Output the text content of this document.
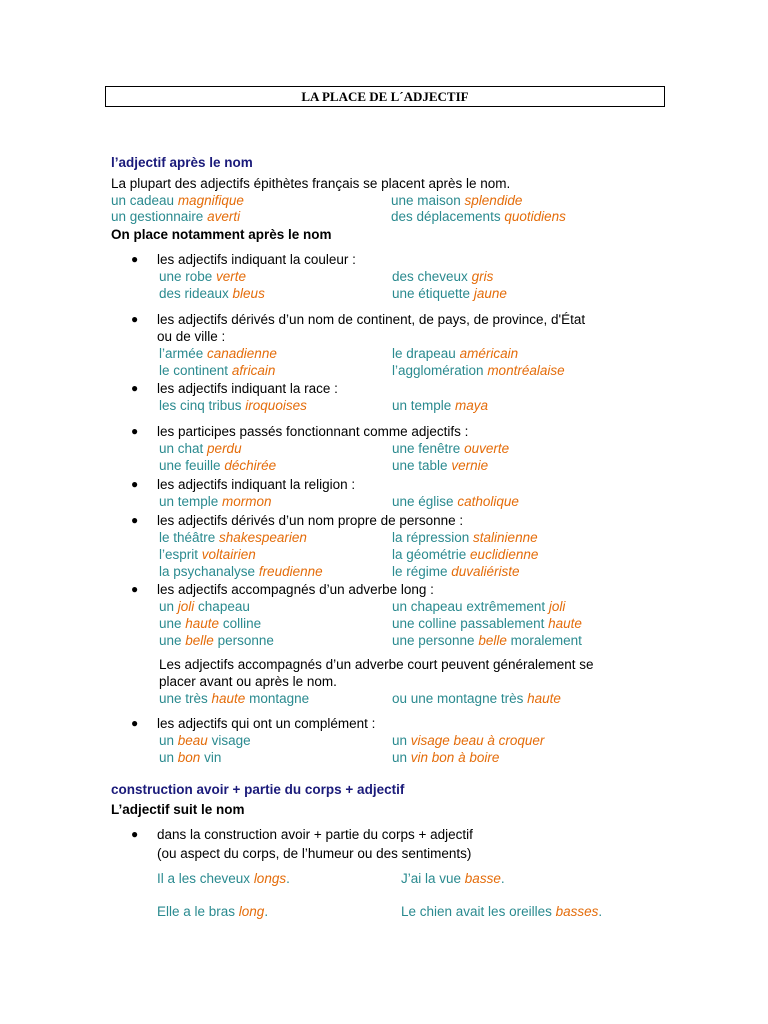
LA PLACE DE L´ADJECTIF
l’adjectif après le nom
La plupart des adjectifs épithètes français se placent après le nom.
un cadeau magnifique	une maison splendide
un gestionnaire averti	des déplacements quotidiens
On place notamment après le nom
● les adjectifs indiquant la couleur :
une robe verte	des cheveux gris
des rideaux bleus	une étiquette jaune
● les adjectifs dérivés d’un nom de continent, de pays, de province, d'État
ou de ville :
l’armée canadienne	le drapeau américain
le continent africain	l’agglomération montréalaise
● les adjectifs indiquant la race :
les cinq tribus iroquoises	un temple maya
● les participes passés fonctionnant comme adjectifs :
un chat perdu	une fenêtre ouverte
une feuille déchirée	une table vernie
● les adjectifs indiquant la religion :
un temple mormon	une église catholique
● les adjectifs dérivés d’un nom propre de personne :
le théâtre shakespearien	la répression stalinienne
l’esprit voltairien	la géométrie euclidienne
la psychanalyse freudienne	le régime duvaliériste
● les adjectifs accompagnés d’un adverbe long :
un joli chapeau	un chapeau extrêmement joli
une haute colline	une colline passablement haute
une belle personne	une personne belle moralement
Les adjectifs accompagnés d’un adverbe court peuvent généralement se
placer avant ou après le nom.
une très haute montagne	ou une montagne très haute
● les adjectifs qui ont un complément :
un beau visage	un visage beau à croquer
un bon vin	un vin bon à boire
construction avoir + partie du corps + adjectif
L’adjectif suit le nom
● dans la construction avoir + partie du corps + adjectif
(ou aspect du corps, de l’humeur ou des sentiments)
Il a les cheveux longs.	J’ai la vue basse.
Elle a le bras long.	Le chien avait les oreilles basses.
